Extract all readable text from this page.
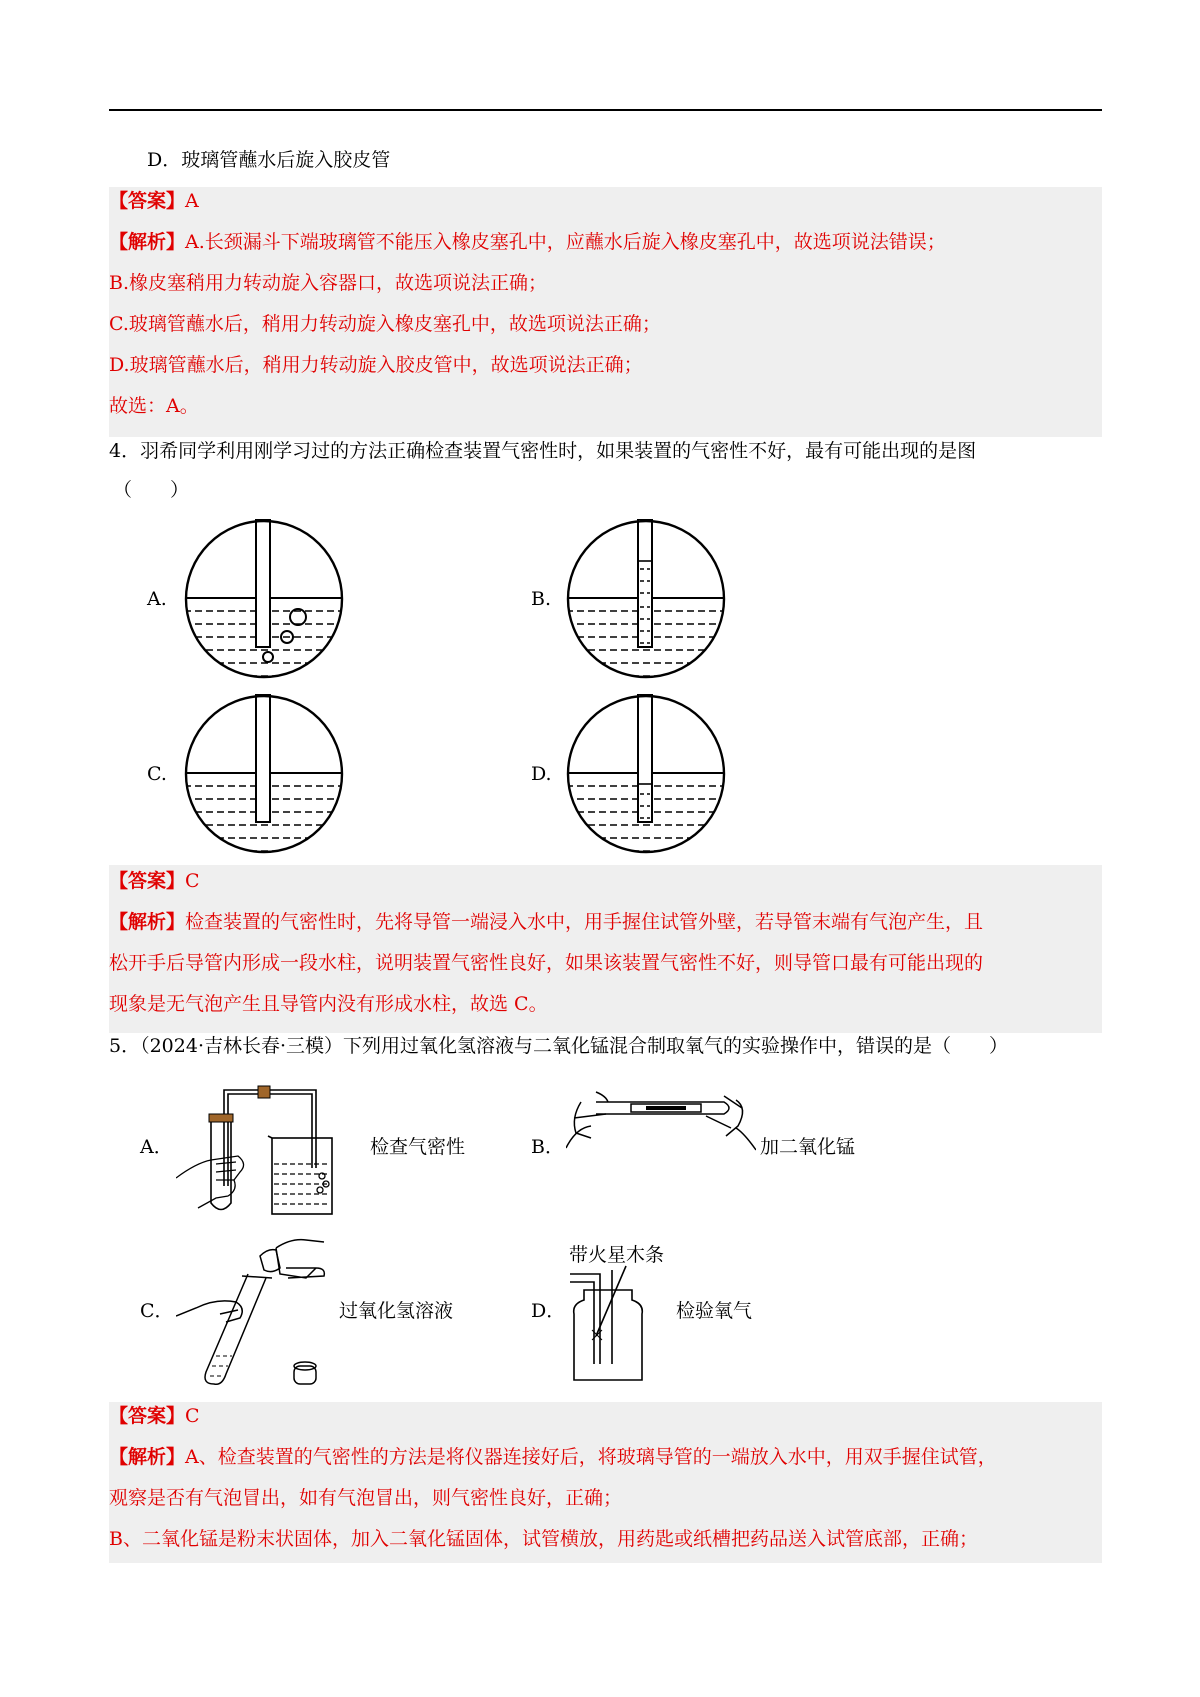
D．玻璃管蘸水后旋入胶皮管
【答案】A
【解析】A.长颈漏斗下端玻璃管不能压入橡皮塞孔中，应蘸水后旋入橡皮塞孔中，故选项说法错误；
B.橡皮塞稍用力转动旋入容器口，故选项说法正确；
C.玻璃管蘸水后，稍用力转动旋入橡皮塞孔中，故选项说法正确；
D.玻璃管蘸水后，稍用力转动旋入胶皮管中，故选项说法正确；
故选：A。
4．羽希同学利用刚学习过的方法正确检查装置气密性时，如果装置的气密性不好，最有可能出现的是图
（　　）
A.	B.
C.	D.
【答案】C
【解析】检查装置的气密性时，先将导管一端浸入水中，用手握住试管外壁，若导管末端有气泡产生，且
松开手后导管内形成一段水柱，说明装置气密性良好，如果该装置气密性不好，则导管口最有可能出现的
现象是无气泡产生且导管内没有形成水柱，故选 C。
5．（2024·吉林长春·三模）下列用过氧化氢溶液与二氧化锰混合制取氧气的实验操作中，错误的是（　　）
A．	B．
C．	D．
检查气密性	加二氧化锰
过氧化氢溶液
带火星木条
检验氧气
【答案】C
【解析】A、检查装置的气密性的方法是将仪器连接好后，将玻璃导管的一端放入水中，用双手握住试管，
观察是否有气泡冒出，如有气泡冒出，则气密性良好，正确；
B、二氧化锰是粉末状固体，加入二氧化锰固体，试管横放，用药匙或纸槽把药品送入试管底部，正确；
